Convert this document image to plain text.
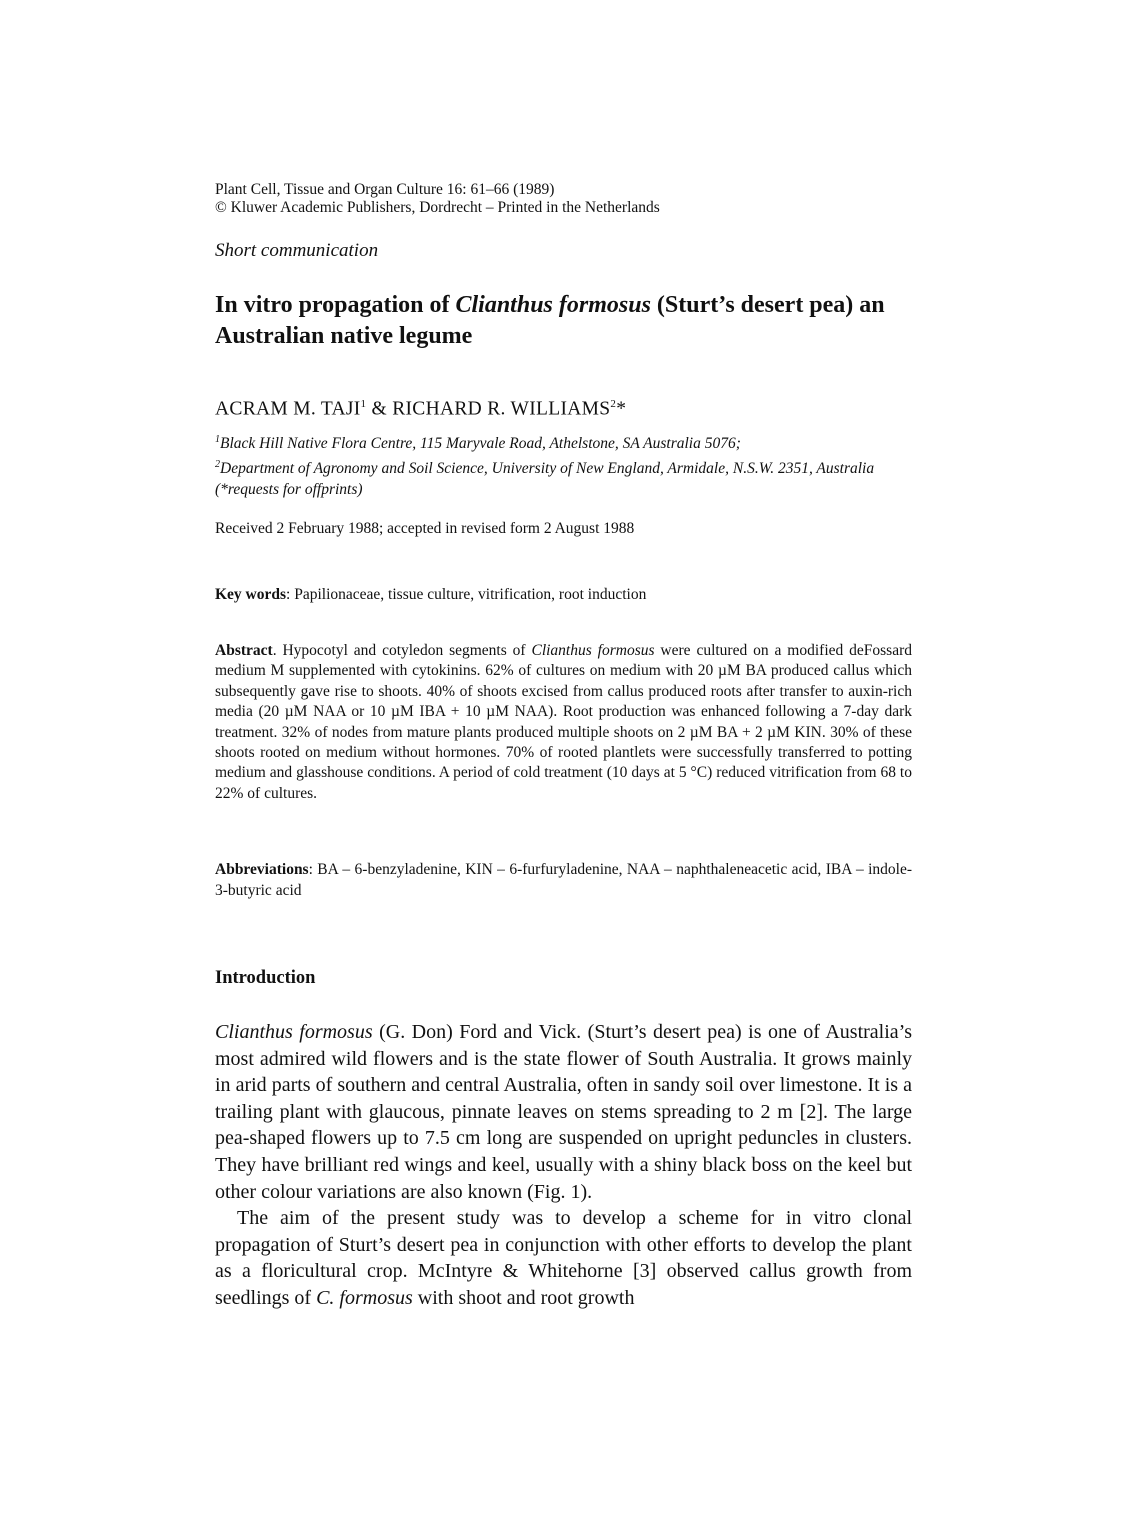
Plant Cell, Tissue and Organ Culture 16: 61–66 (1989)
© Kluwer Academic Publishers, Dordrecht – Printed in the Netherlands
Short communication
In vitro propagation of Clianthus formosus (Sturt’s desert pea) an Australian native legume
ACRAM M. TAJI$^1$ & RICHARD R. WILLIAMS$^2$*
$^1$Black Hill Native Flora Centre, 115 Maryvale Road, Athelstone, SA Australia 5076;
$^2$Department of Agronomy and Soil Science, University of New England, Armidale, N.S.W. 2351, Australia (*requests for offprints)
Received 2 February 1988; accepted in revised form 2 August 1988
Key words: Papilionaceae, tissue culture, vitrification, root induction

Abstract. Hypocotyl and cotyledon segments of Clianthus formosus were cultured on a modified deFossard medium M supplemented with cytokinins. 62% of cultures on medium with 20 µM BA produced callus which subsequently gave rise to shoots. 40% of shoots excised from callus produced roots after transfer to auxin-rich media (20 µM NAA or 10 µM IBA + 10 µM NAA). Root production was enhanced following a 7-day dark treatment. 32% of nodes from mature plants produced multiple shoots on 2 µM BA + 2 µM KIN. 30% of these shoots rooted on medium without hormones. 70% of rooted plantlets were successfully transferred to potting medium and glasshouse conditions. A period of cold treatment (10 days at 5 °C) reduced vitrification from 68 to 22% of cultures.

Abbreviations: BA – 6-benzyladenine, KIN – 6-furfuryladenine, NAA – naphthaleneacetic acid, IBA – indole-3-butyric acid

Introduction

Clianthus formosus (G. Don) Ford and Vick. (Sturt’s desert pea) is one of Australia’s most admired wild flowers and is the state flower of South Australia. It grows mainly in arid parts of southern and central Australia, often in sandy soil over limestone. It is a trailing plant with glaucous, pinnate leaves on stems spreading to 2 m [2]. The large pea-shaped flowers up to 7.5 cm long are suspended on upright peduncles in clusters. They have brilliant red wings and keel, usually with a shiny black boss on the keel but other colour variations are also known (Fig. 1).

The aim of the present study was to develop a scheme for in vitro clonal propagation of Sturt’s desert pea in conjunction with other efforts to develop the plant as a floricultural crop. McIntyre & Whitehorne [3] observed callus growth from seedlings of C. formosus with shoot and root growth
